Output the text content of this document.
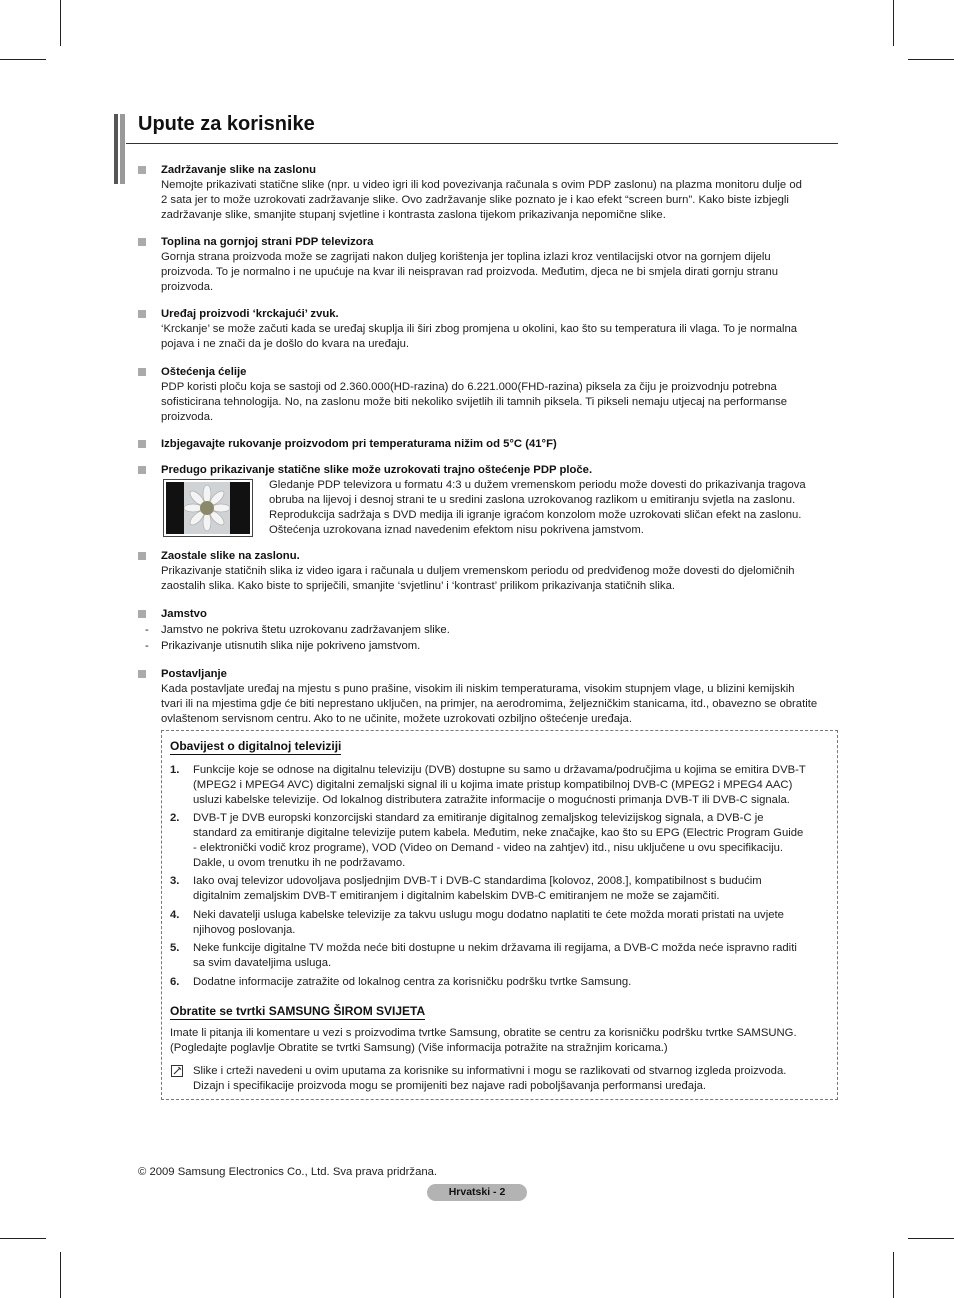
Upute za korisnike
Zadržavanje slike na zaslonu

Nemojte prikazivati statične slike (npr. u video igri ili kod povezivanja računala s ovim PDP zaslonu) na plazma monitoru dulje od

2 sata jer to može uzrokovati zadržavanje slike. Ovo zadržavanje slike poznato je i kao efekt “screen burn”. Kako biste izbjegli

zadržavanje slike, smanjite stupanj svjetline i kontrasta zaslona tijekom prikazivanja nepomične slike.

Toplina na gornjoj strani PDP televizora

Gornja strana proizvoda može se zagrijati nakon duljeg korištenja jer toplina izlazi kroz ventilacijski otvor na gornjem dijelu

proizvoda. To je normalno i ne upućuje na kvar ili neispravan rad proizvoda. Međutim, djeca ne bi smjela dirati gornju stranu

proizvoda.

Uređaj proizvodi ‘krckajući’ zvuk.

‘Krckanje’ se može začuti kada se uređaj skuplja ili širi zbog promjena u okolini, kao što su temperatura ili vlaga. To je normalna

pojava i ne znači da je došlo do kvara na uređaju.

Oštećenja ćelije

PDP koristi ploču koja se sastoji od 2.360.000(HD-razina) do 6.221.000(FHD-razina) piksela za čiju je proizvodnju potrebna

sofisticirana tehnologija. No, na zaslonu može biti nekoliko svijetlih ili tamnih piksela. Ti pikseli nemaju utjecaj na performanse

proizvoda.

Izbjegavajte rukovanje proizvodom pri temperaturama nižim od 5°C (41°F)
Predugo prikazivanje statične slike može uzrokovati trajno oštećenje PDP ploče.
Gledanje PDP televizora u formatu 4:3 u dužem vremenskom periodu može dovesti do prikazivanja tragova
obruba na lijevoj i desnoj strani te u sredini zaslona uzrokovanog razlikom u emitiranju svjetla na zaslonu.
Reprodukcija sadržaja s DVD medija ili igranje igraćom konzolom može uzrokovati sličan efekt na zaslonu.
Oštećenja uzrokovana iznad navedenim efektom nisu pokrivena jamstvom.
Zaostale slike na zaslonu.

Prikazivanje statičnih slika iz video igara i računala u duljem vremenskom periodu od predviđenog može dovesti do djelomičnih

zaostalih slika. Kako biste to spriječili, smanjite ‘svjetlinu’ i ‘kontrast’ prilikom prikazivanja statičnih slika.

Jamstvo
- Jamstvo ne pokriva štetu uzrokovanu zadržavanjem slike.
- Prikazivanje utisnutih slika nije pokriveno jamstvom.
Postavljanje

Kada postavljate uređaj na mjestu s puno prašine, visokim ili niskim temperaturama, visokim stupnjem vlage, u blizini kemijskih

tvari ili na mjestima gdje će biti neprestano uključen, na primjer, na aerodromima, željezničkim stanicama, itd., obavezno se obratite

ovlaštenom servisnom centru. Ako to ne učinite, možete uzrokovati ozbiljno oštećenje uređaja.

Obavijest o digitalnoj televiziji
1. Funkcije koje se odnose na digitalnu televiziju (DVB) dostupne su samo u državama/područjima u kojima se emitira DVB-T
(MPEG2 i MPEG4 AVC) digitalni zemaljski signal ili u kojima imate pristup kompatibilnoj DVB-C (MPEG2 i MPEG4 AAC)
usluzi kabelske televizije. Od lokalnog distributera zatražite informacije o mogućnosti primanja DVB-T ili DVB-C signala.
2. DVB-T je DVB europski konzorcijski standard za emitiranje digitalnog zemaljskog televizijskog signala, a DVB-C je
standard za emitiranje digitalne televizije putem kabela. Međutim, neke značajke, kao što su EPG (Electric Program Guide
- elektronički vodič kroz programe), VOD (Video on Demand - video na zahtjev) itd., nisu uključene u ovu specifikaciju.
Dakle, u ovom trenutku ih ne podržavamo.
3. Iako ovaj televizor udovoljava posljednjim DVB-T i DVB-C standardima [kolovoz, 2008.], kompatibilnost s budućim
digitalnim zemaljskim DVB-T emitiranjem i digitalnim kabelskim DVB-C emitiranjem ne može se zajamčiti.
4. Neki davatelji usluga kabelske televizije za takvu uslugu mogu dodatno naplatiti te ćete možda morati pristati na uvjete
njihovog poslovanja.
5. Neke funkcije digitalne TV možda neće biti dostupne u nekim državama ili regijama, a DVB-C možda neće ispravno raditi
sa svim davateljima usluga.
6. Dodatne informacije zatražite od lokalnog centra za korisničku podršku tvrtke Samsung.
Obratite se tvrtki SAMSUNG ŠIROM SVIJETA
Imate li pitanja ili komentare u vezi s proizvodima tvrtke Samsung, obratite se centru za korisničku podršku tvrtke SAMSUNG.
(Pogledajte poglavlje Obratite se tvrtki Samsung) (Više informacija potražite na stražnjim koricama.)
Slike i crteži navedeni u ovim uputama za korisnike su informativni i mogu se razlikovati od stvarnog izgleda proizvoda.
Dizajn i specifikacije proizvoda mogu se promijeniti bez najave radi poboljšavanja performansi uređaja.
© 2009 Samsung Electronics Co., Ltd. Sva prava pridržana.
Hrvatski - 2
